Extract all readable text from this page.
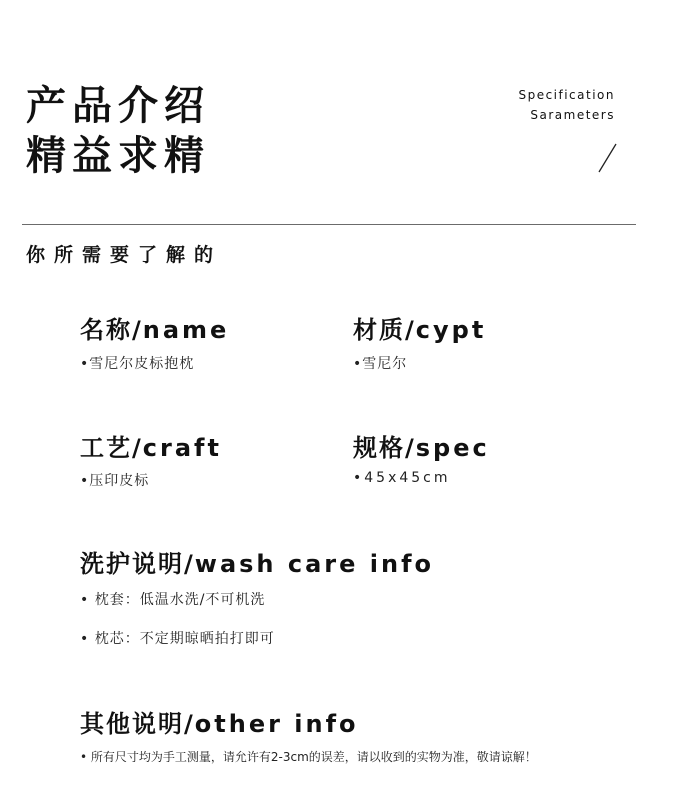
产品介绍
精益求精
Specification
Sarameters
你所需要了解的
名称/name
•雪尼尔皮标抱枕
材质/cypt
•雪尼尔
工艺/craft
•压印皮标
规格/spec
•45x45cm
洗护说明/wash care info
• 枕套：低温水洗/不可机洗
• 枕芯：不定期晾晒拍打即可
其他说明/other info
• 所有尺寸均为手工测量，请允许有2-3cm的误差，请以收到的实物为准，敬请谅解！
